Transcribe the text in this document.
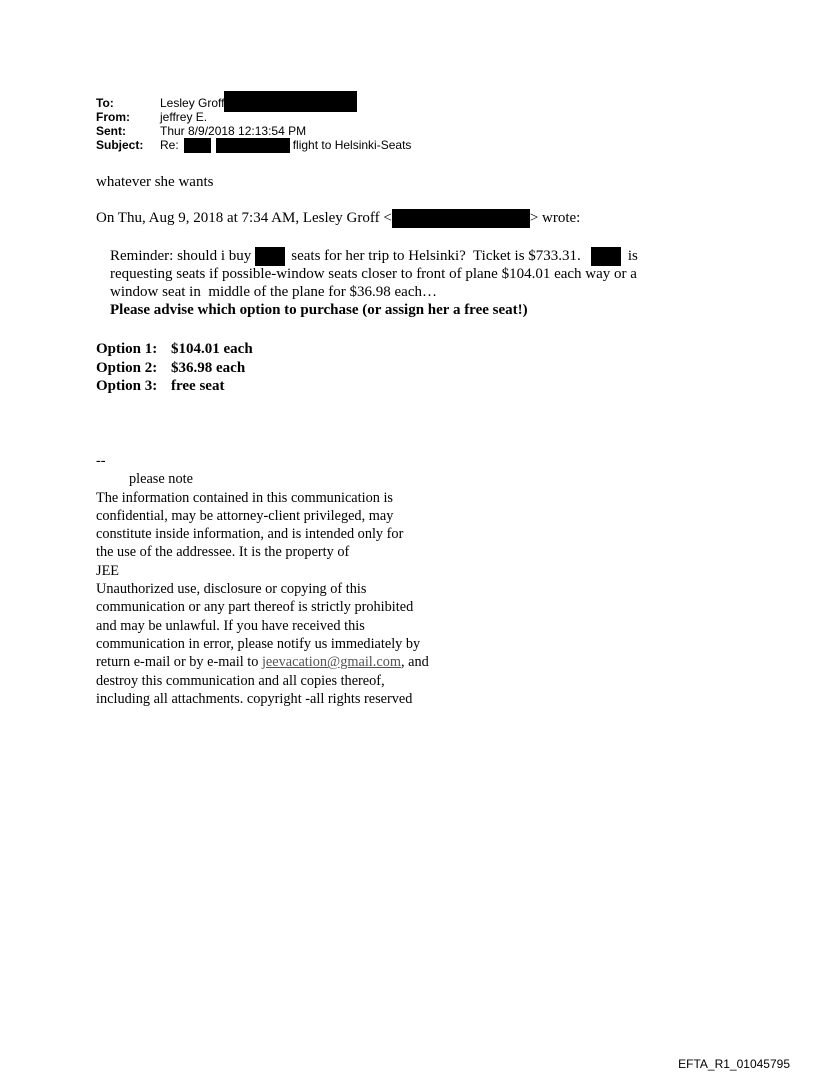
To:	Lesley Groff
From:	jeffrey E.
Sent:	Thur 8/9/2018 12:13:54 PM
Subject:	Re:	flight to Helsinki-Seats
whatever she wants
On Thu, Aug 9, 2018 at 7:34 AM, Lesley Groff <	> wrote:
Reminder: should i buy	seats for her trip to Helsinki?  Ticket is $733.31.	is
requesting seats if possible-window seats closer to front of plane $104.01 each way or a
window seat in  middle of the plane for $36.98 each…
Please advise which option to purchase (or assign her a free seat!)
Option 1: $104.01 each
Option 2: $36.98 each
Option 3: free seat
--
please note
The information contained in this communication is
confidential, may be attorney-client privileged, may
constitute inside information, and is intended only for
the use of the addressee. It is the property of
JEE
Unauthorized use, disclosure or copying of this
communication or any part thereof is strictly prohibited
and may be unlawful. If you have received this
communication in error, please notify us immediately by
return e-mail or by e-mail to jeevacation@gmail.com, and
destroy this communication and all copies thereof,
including all attachments. copyright -all rights reserved
EFTA_R1_01045795
